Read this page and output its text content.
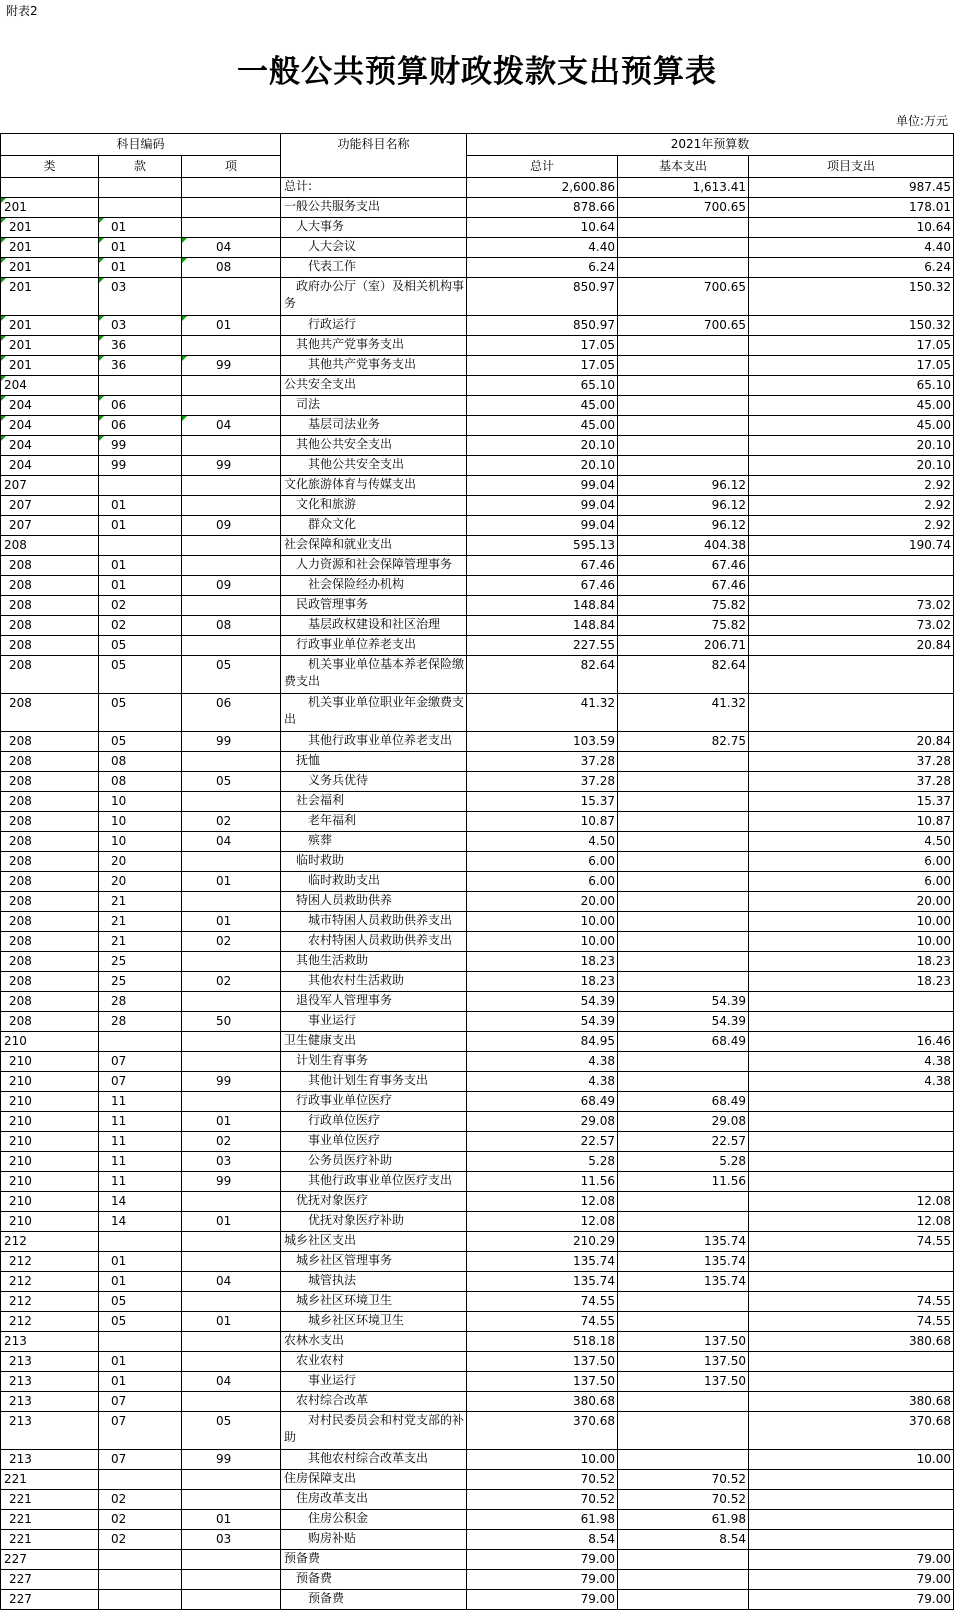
附表2
一般公共预算财政拨款支出预算表
单位:万元
科目编码			功能科目名称	2021年预算数		
类	款	项		总计	基本支出	项目支出
			总计:	2,600.86	1,613.41	987.45
201			一般公共服务支出	878.66	700.65	178.01
201	01		人大事务	10.64		10.64
201	01	04	人大会议	4.40		4.40
201	01	08	代表工作	6.24		6.24
201	03		政府办公厅（室）及相关机构事务	850.97	700.65	150.32
201	03	01	行政运行	850.97	700.65	150.32
201	36		其他共产党事务支出	17.05		17.05
201	36	99	其他共产党事务支出	17.05		17.05
204			公共安全支出	65.10		65.10
204	06		司法	45.00		45.00
204	06	04	基层司法业务	45.00		45.00
204	99		其他公共安全支出	20.10		20.10
204	99	99	其他公共安全支出	20.10		20.10
207			文化旅游体育与传媒支出	99.04	96.12	2.92
207	01		文化和旅游	99.04	96.12	2.92
207	01	09	群众文化	99.04	96.12	2.92
208			社会保障和就业支出	595.13	404.38	190.74
208	01		人力资源和社会保障管理事务	67.46	67.46	
208	01	09	社会保险经办机构	67.46	67.46	
208	02		民政管理事务	148.84	75.82	73.02
208	02	08	基层政权建设和社区治理	148.84	75.82	73.02
208	05		行政事业单位养老支出	227.55	206.71	20.84
208	05	05	机关事业单位基本养老保险缴费支出	82.64	82.64	
208	05	06	机关事业单位职业年金缴费支出	41.32	41.32	
208	05	99	其他行政事业单位养老支出	103.59	82.75	20.84
208	08		抚恤	37.28		37.28
208	08	05	义务兵优待	37.28		37.28
208	10		社会福利	15.37		15.37
208	10	02	老年福利	10.87		10.87
208	10	04	殡葬	4.50		4.50
208	20		临时救助	6.00		6.00
208	20	01	临时救助支出	6.00		6.00
208	21		特困人员救助供养	20.00		20.00
208	21	01	城市特困人员救助供养支出	10.00		10.00
208	21	02	农村特困人员救助供养支出	10.00		10.00
208	25		其他生活救助	18.23		18.23
208	25	02	其他农村生活救助	18.23		18.23
208	28		退役军人管理事务	54.39	54.39	
208	28	50	事业运行	54.39	54.39	
210			卫生健康支出	84.95	68.49	16.46
210	07		计划生育事务	4.38		4.38
210	07	99	其他计划生育事务支出	4.38		4.38
210	11		行政事业单位医疗	68.49	68.49	
210	11	01	行政单位医疗	29.08	29.08	
210	11	02	事业单位医疗	22.57	22.57	
210	11	03	公务员医疗补助	5.28	5.28	
210	11	99	其他行政事业单位医疗支出	11.56	11.56	
210	14		优抚对象医疗	12.08		12.08
210	14	01	优抚对象医疗补助	12.08		12.08
212			城乡社区支出	210.29	135.74	74.55
212	01		城乡社区管理事务	135.74	135.74	
212	01	04	城管执法	135.74	135.74	
212	05		城乡社区环境卫生	74.55		74.55
212	05	01	城乡社区环境卫生	74.55		74.55
213			农林水支出	518.18	137.50	380.68
213	01		农业农村	137.50	137.50	
213	01	04	事业运行	137.50	137.50	
213	07		农村综合改革	380.68		380.68
213	07	05	对村民委员会和村党支部的补助	370.68		370.68
213	07	99	其他农村综合改革支出	10.00		10.00
221			住房保障支出	70.52	70.52	
221	02		住房改革支出	70.52	70.52	
221	02	01	住房公积金	61.98	61.98	
221	02	03	购房补贴	8.54	8.54	
227			预备费	79.00		79.00
227			预备费	79.00		79.00
227			预备费	79.00		79.00
